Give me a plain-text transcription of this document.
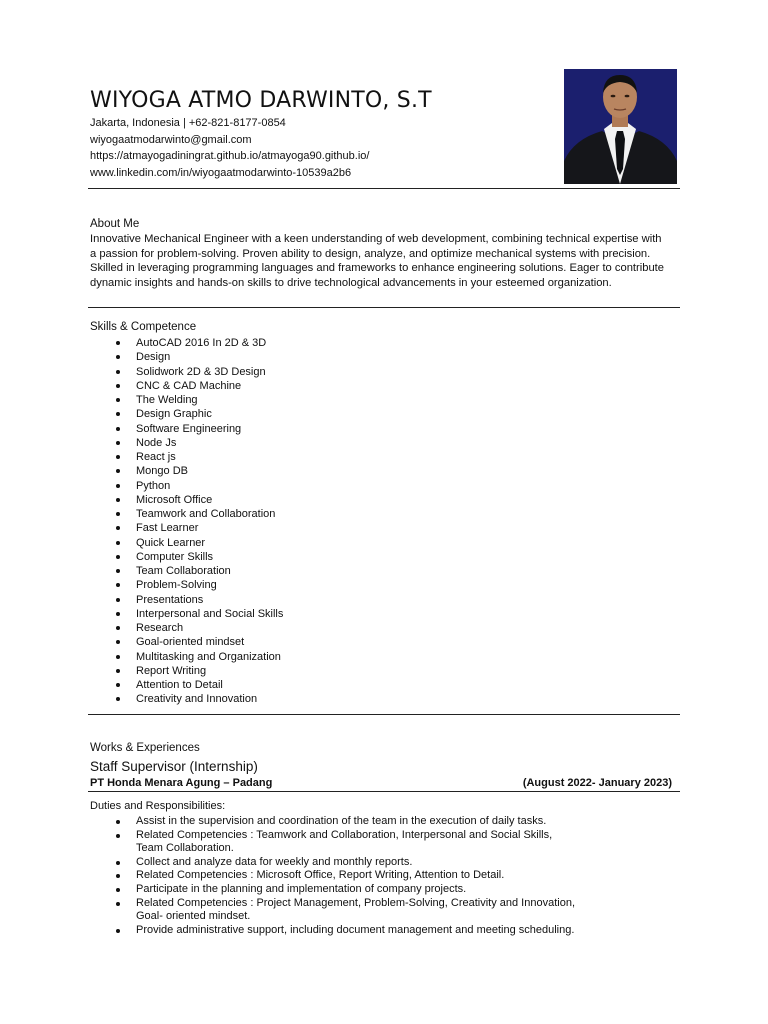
WIYOGA ATMO DARWINTO, S.T
Jakarta, Indonesia | +62-821-8177-0854
wiyogaatmodarwinto@gmail.com
https://atmayogadiningrat.github.io/atmayoga90.github.io/
www.linkedin.com/in/wiyogaatmodarwinto-10539a2b6
About Me
Innovative Mechanical Engineer with a keen understanding of web development, combining technical expertise with a passion for problem-solving. Proven ability to design, analyze, and optimize mechanical systems with precision. Skilled in leveraging programming languages and frameworks to enhance engineering solutions. Eager to contribute dynamic insights and hands-on skills to drive technological advancements in your esteemed organization.
Skills & Competence
AutoCAD 2016 In 2D & 3D
Design
Solidwork 2D & 3D Design
CNC & CAD Machine
The Welding
Design Graphic
Software Engineering
Node Js
React js
Mongo DB
Python
Microsoft Office
Teamwork and Collaboration
Fast Learner
Quick Learner
Computer Skills
Team Collaboration
Problem-Solving
Presentations
Interpersonal and Social Skills
Research
Goal-oriented mindset
Multitasking and Organization
Report Writing
Attention to Detail
Creativity and Innovation
Works & Experiences
Staff Supervisor (Internship)
PT Honda Menara Agung – Padang	(August 2022- January 2023)
Duties and Responsibilities:
Assist in the supervision and coordination of the team in the execution of daily tasks.
Related Competencies : Teamwork and Collaboration, Interpersonal and Social Skills,
Team Collaboration.
Collect and analyze data for weekly and monthly reports.
Related Competencies : Microsoft Office, Report Writing, Attention to Detail.
Participate in the planning and implementation of company projects.
Related Competencies : Project Management, Problem-Solving, Creativity and Innovation,
Goal- oriented mindset.
Provide administrative support, including document management and meeting scheduling.
